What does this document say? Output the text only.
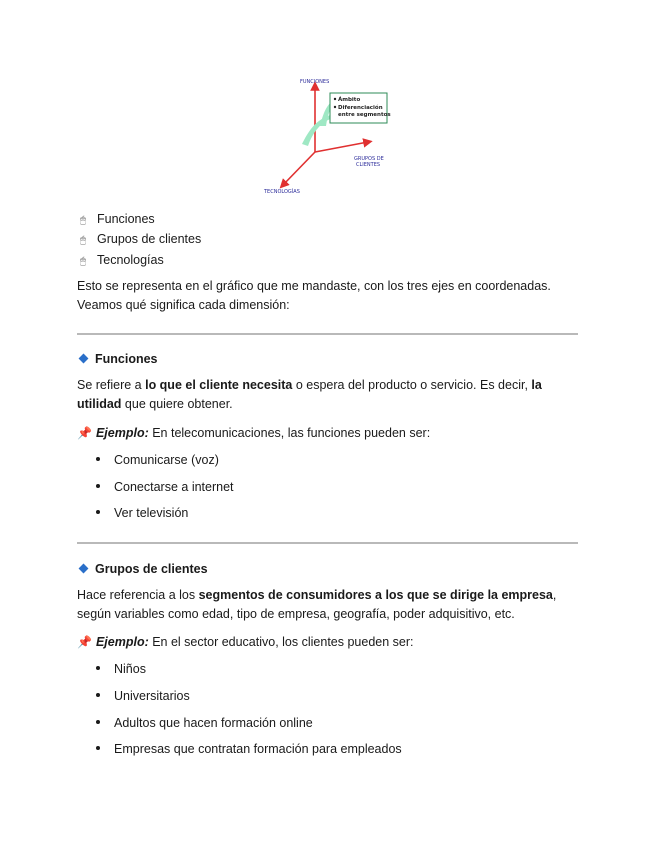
Ámbito
Diferenciación
entre segmentos
FUNCIONES
GRUPOS DE
CLIENTES
TECNOLOGÍAS
🖱 Funciones
🖱 Grupos de clientes
🖱 Tecnologías
Esto se representa en el gráfico que me mandaste, con los tres ejes en coordenadas.
Veamos qué significa cada dimensión:
Funciones
Se refiere a lo que el cliente necesita o espera del producto o servicio. Es decir, la
utilidad que quiere obtener.
📌 Ejemplo: En telecomunicaciones, las funciones pueden ser:
Comunicarse (voz)
Conectarse a internet
Ver televisión
Grupos de clientes
Hace referencia a los segmentos de consumidores a los que se dirige la empresa,
según variables como edad, tipo de empresa, geografía, poder adquisitivo, etc.
📌 Ejemplo: En el sector educativo, los clientes pueden ser:
Niños
Universitarios
Adultos que hacen formación online
Empresas que contratan formación para empleados
